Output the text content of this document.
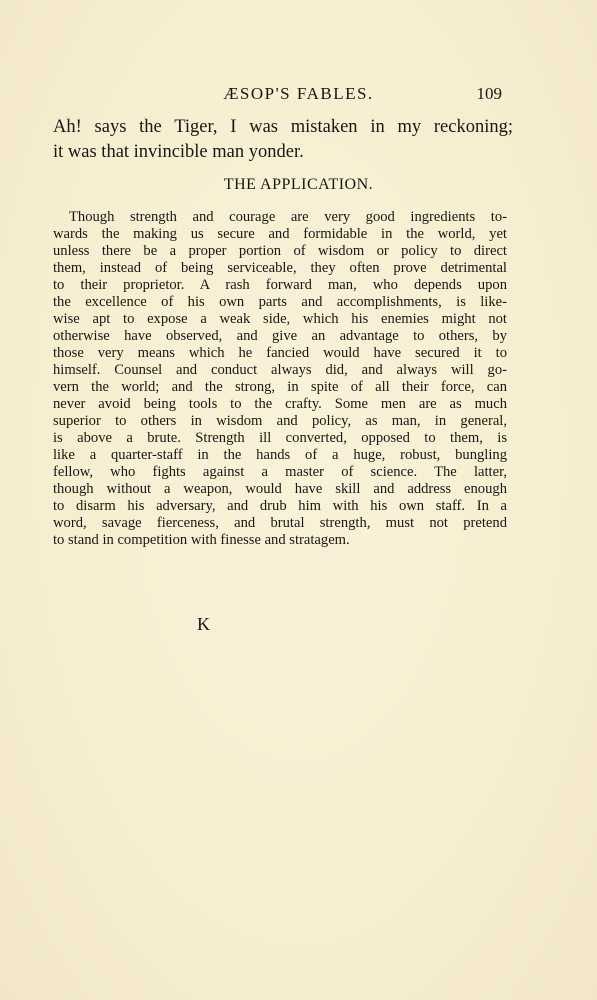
ÆSOP'S FABLES.	109
Ah! says the Tiger, I was mistaken in my reckoning;
it was that invincible man yonder.
THE APPLICATION.
Though strength and courage are very good ingredients to-
wards the making us secure and formidable in the world, yet
unless there be a proper portion of wisdom or policy to direct
them, instead of being serviceable, they often prove detrimental
to their proprietor. A rash forward man, who depends upon
the excellence of his own parts and accomplishments, is like-
wise apt to expose a weak side, which his enemies might not
otherwise have observed, and give an advantage to others, by
those very means which he fancied would have secured it to
himself. Counsel and conduct always did, and always will go-
vern the world; and the strong, in spite of all their force, can
never avoid being tools to the crafty. Some men are as much
superior to others in wisdom and policy, as man, in general,
is above a brute. Strength ill converted, opposed to them, is
like a quarter-staff in the hands of a huge, robust, bungling
fellow, who fights against a master of science. The latter,
though without a weapon, would have skill and address enough
to disarm his adversary, and drub him with his own staff. In a
word, savage fierceness, and brutal strength, must not pretend
to stand in competition with finesse and stratagem.
K
